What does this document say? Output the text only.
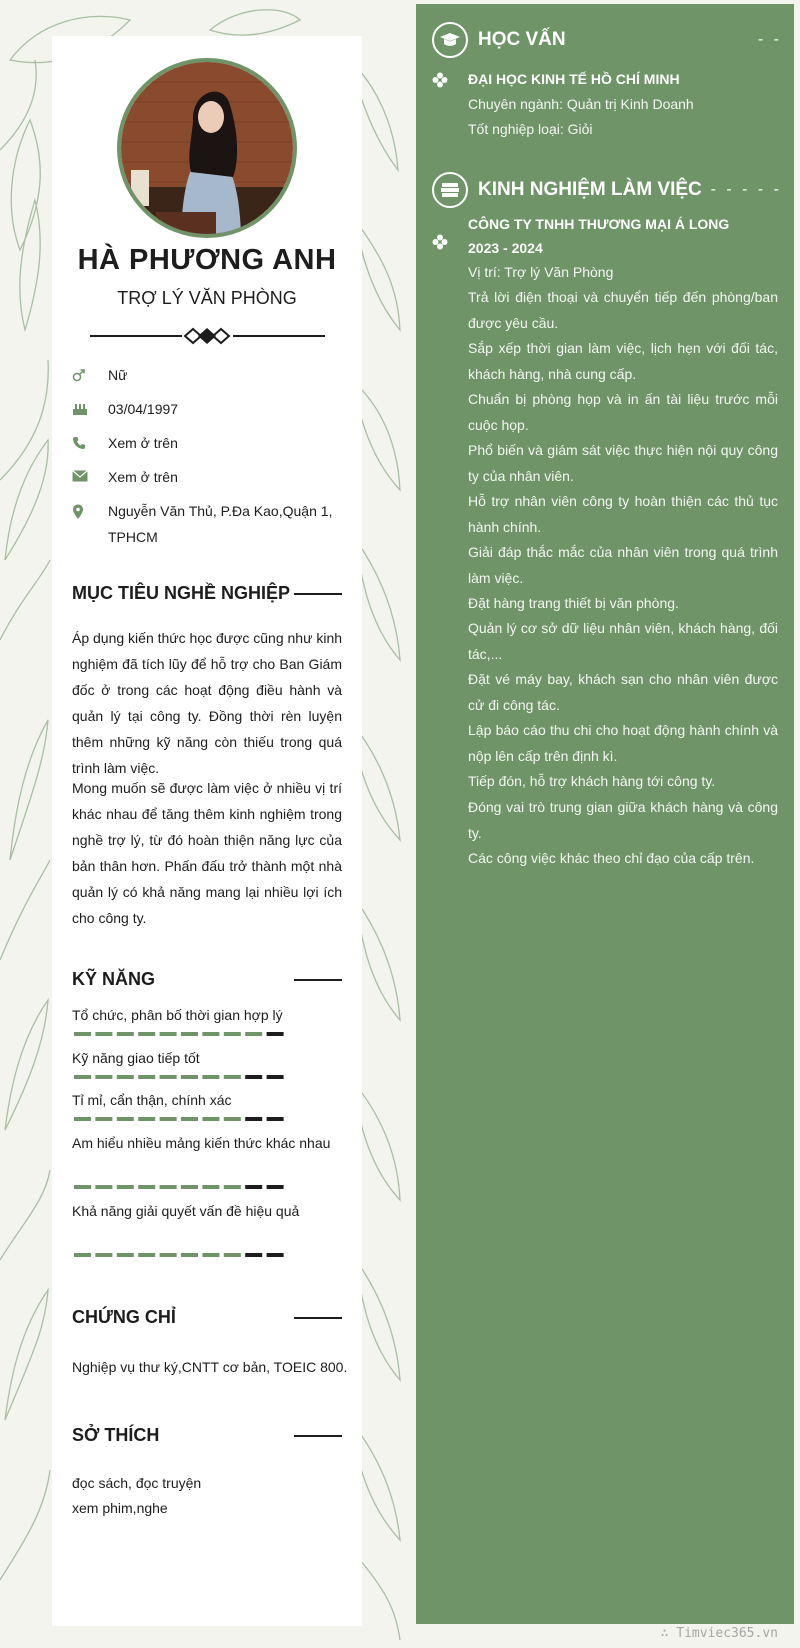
HÀ PHƯƠNG ANH
TRỢ LÝ VĂN PHÒNG
Nữ
03/04/1997
Xem ở trên
Xem ở trên
Nguyễn Văn Thủ, P.Đa Kao,Quận 1, TPHCM
MỤC TIÊU NGHỀ NGHIỆP
Áp dụng kiến thức học được cũng như kinh nghiệm đã tích lũy để hỗ trợ cho Ban Giám đốc ở trong các hoạt động điều hành và quản lý tại công ty. Đồng thời rèn luyện thêm những kỹ năng còn thiếu trong quá trình làm việc.
Mong muốn sẽ được làm việc ở nhiều vị trí khác nhau để tăng thêm kinh nghiệm trong nghề trợ lý, từ đó hoàn thiện năng lực của bản thân hơn. Phấn đấu trở thành một nhà quản lý có khả năng mang lại nhiều lợi ích cho công ty.
KỸ NĂNG
Tổ chức, phân bố thời gian hợp lý
Kỹ năng giao tiếp tốt
Tỉ mỉ, cẩn thận, chính xác
Am hiểu nhiều mảng kiến thức khác nhau
Khả năng giải quyết vấn đề hiệu quả
CHỨNG CHỈ
Nghiệp vụ thư ký,CNTT cơ bản, TOEIC 800.
SỞ THÍCH
đọc sách, đọc truyện
xem phim,nghe
HỌC VẤN	- -
ĐẠI HỌC KINH TẾ HỒ CHÍ MINH
Chuyên ngành: Quản trị Kinh Doanh
Tốt nghiệp loại: Giỏi
KINH NGHIỆM LÀM VIỆC - - - - -
CÔNG TY TNHH THƯƠNG MẠI Á LONG
2023 - 2024
Vị trí: Trợ lý Văn Phòng
Trả lời điện thoại và chuyển tiếp đến phòng/ban được yêu cầu.
Sắp xếp thời gian làm việc, lịch hẹn với đối tác, khách hàng, nhà cung cấp.
Chuẩn bị phòng họp và in ấn tài liệu trước mỗi cuộc họp.
Phổ biến và giám sát việc thực hiện nội quy công ty của nhân viên.
Hỗ trợ nhân viên công ty hoàn thiện các thủ tục hành chính.
Giải đáp thắc mắc của nhân viên trong quá trình làm việc.
Đặt hàng trang thiết bị văn phòng.
Quản lý cơ sở dữ liệu nhân viên, khách hàng, đối tác,...
Đặt vé máy bay, khách sạn cho nhân viên được cử đi công tác.
Lập báo cáo thu chi cho hoạt động hành chính và nộp lên cấp trên định kì.
Tiếp đón, hỗ trợ khách hàng tới công ty.
Đóng vai trò trung gian giữa khách hàng và công ty.
Các công việc khác theo chỉ đạo của cấp trên.
∴ Timviec365.vn
